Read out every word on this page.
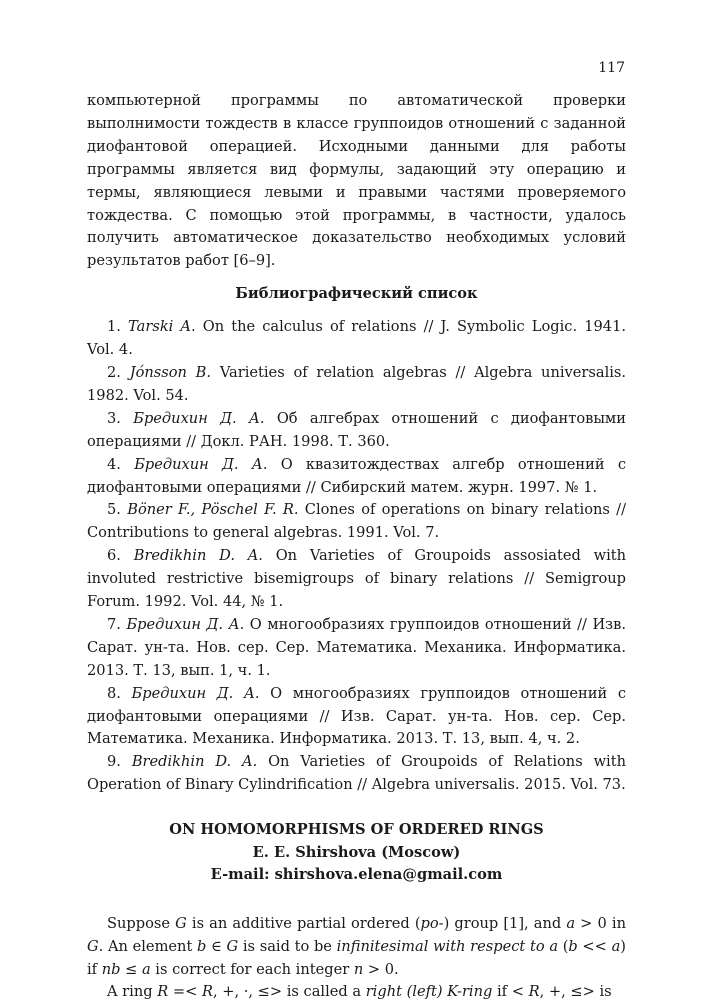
117

компьютерной программы по автоматической проверки выполнимости тождеств в классе группоидов отношений с заданной диофантовой операцией. Исходными данными для работы программы является вид формулы, задающий эту операцию и термы, являющиеся левыми и правыми частями проверяемого тождества. С помощью этой программы, в частности, удалось получить автоматическое доказательство необходимых условий результатов работ [6–9].

Библиографический список
1. Tarski A. On the calculus of relations // J. Symbolic Logic. 1941. Vol. 4.
2. Jónsson B. Varieties of relation algebras // Algebra universalis. 1982. Vol. 54.
3. Бредихин Д. А. Об алгебрах отношений с диофантовыми операциями // Докл. РАН. 1998. Т. 360.
4. Бредихин Д. А. О квазитождествах алгебр отношений с диофантовыми операциями // Сибирский матем. журн. 1997. № 1.
5. Böner F., Pöschel F. R. Clones of operations on binary relations // Contributions to general algebras. 1991. Vol. 7.
6. Bredikhin D. A. On Varieties of Groupoids assosiated with involuted restrictive bisemigroups of binary relations // Semigroup Forum. 1992. Vol. 44, № 1.
7. Бредихин Д. А. О многообразиях группоидов отношений // Изв. Сарат. ун-та. Нов. сер. Сер. Математика. Механика. Информатика. 2013. Т. 13, вып. 1, ч. 1.
8. Бредихин Д. А. О многообразиях группоидов отношений с диофантовыми операциями // Изв. Сарат. ун-та. Нов. сер. Сер. Математика. Механика. Информатика. 2013. Т. 13, вып. 4, ч. 2.
9. Bredikhin D. A. On Varieties of Groupoids of Relations with Operation of Binary Cylindrification // Algebra universalis. 2015. Vol. 73.
ON HOMOMORPHISMS OF ORDERED RINGS
E. E. Shirshova (Moscow)
E-mail: shirshova.elena@gmail.com

Suppose G is an additive partial ordered (po-) group [1], and a > 0 in G. An element b ∈ G is said to be infinitesimal with respect to a (b << a) if nb ≤ a is correct for each integer n > 0.

A ring R =< R, +, ·, ≤> is called a right (left) K-ring if < R, +, ≤> is
